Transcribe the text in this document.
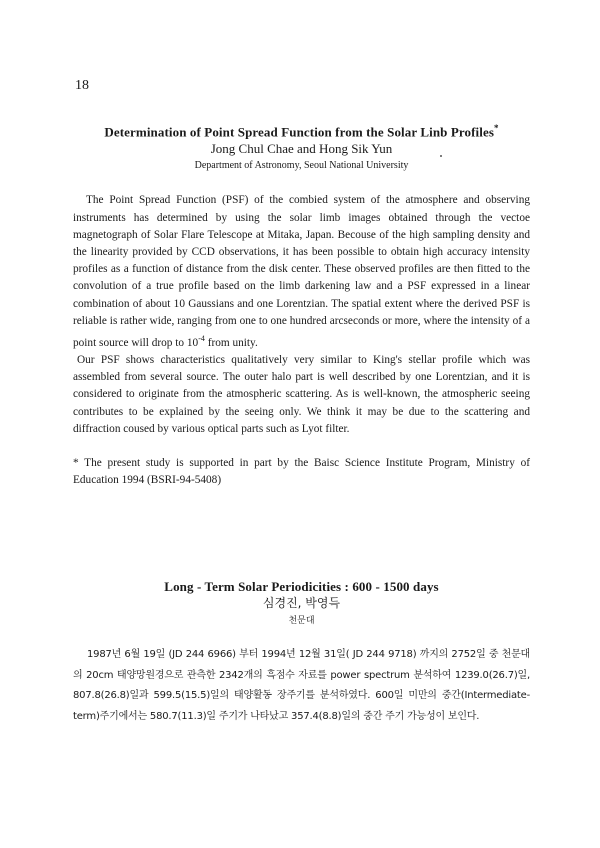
18
Determination of Point Spread Function from the Solar Linb Profiles*

Jong Chul Chae and Hong Sik Yun

Department of Astronomy, Seoul National University

The Point Spread Function (PSF) of the combied system of the atmosphere and observing instruments has determined by using the solar limb images obtained through the vectoe magnetograph of Solar Flare Telescope at Mitaka, Japan. Becouse of the high sampling density and the linearity provided by CCD observations, it has been possible to obtain high accuracy intensity profiles as a function of distance from the disk center. These observed profiles are then fitted to the convolution of a true profile based on the limb darkening law and a PSF expressed in a linear combination of about 10 Gaussians and one Lorentzian. The spatial extent where the derived PSF is reliable is rather wide, ranging from one to one hundred arcseconds or more, where the intensity of a point source will drop to $10^{-4}$ from unity.

Our PSF shows characteristics qualitatively very similar to King's stellar profile which was assembled from several source. The outer halo part is well described by one Lorentzian, and it is considered to originate from the atmospheric scattering. As is well-known, the atmospheric seeing contributes to be explained by the seeing only. We think it may be due to the scattering and diffraction coused by various optical parts such as Lyot filter.

* The present study is supported in part by the Baisc Science Institute Program, Ministry of Education 1994 (BSRI-94-5408)

Long - Term Solar Periodicities : 600 - 1500 days

심경진, 박영득

천문대

1987년 6월 19일 (JD 244 6966) 부터 1994년 12월 31일( JD 244 9718) 까지의 2752일 중 천문대의 20cm 태양망원경으로 관측한 2342개의 흑점수 자료를 power spectrum 분석하여 1239.0(26.7)일, 807.8(26.8)일과 599.5(15.5)일의 태양활동 장주기를 분석하였다. 600일 미만의 중간(Intermediate-term)주기에서는 580.7(11.3)일 주기가 나타났고 357.4(8.8)일의 중간 주기 가능성이 보인다.
